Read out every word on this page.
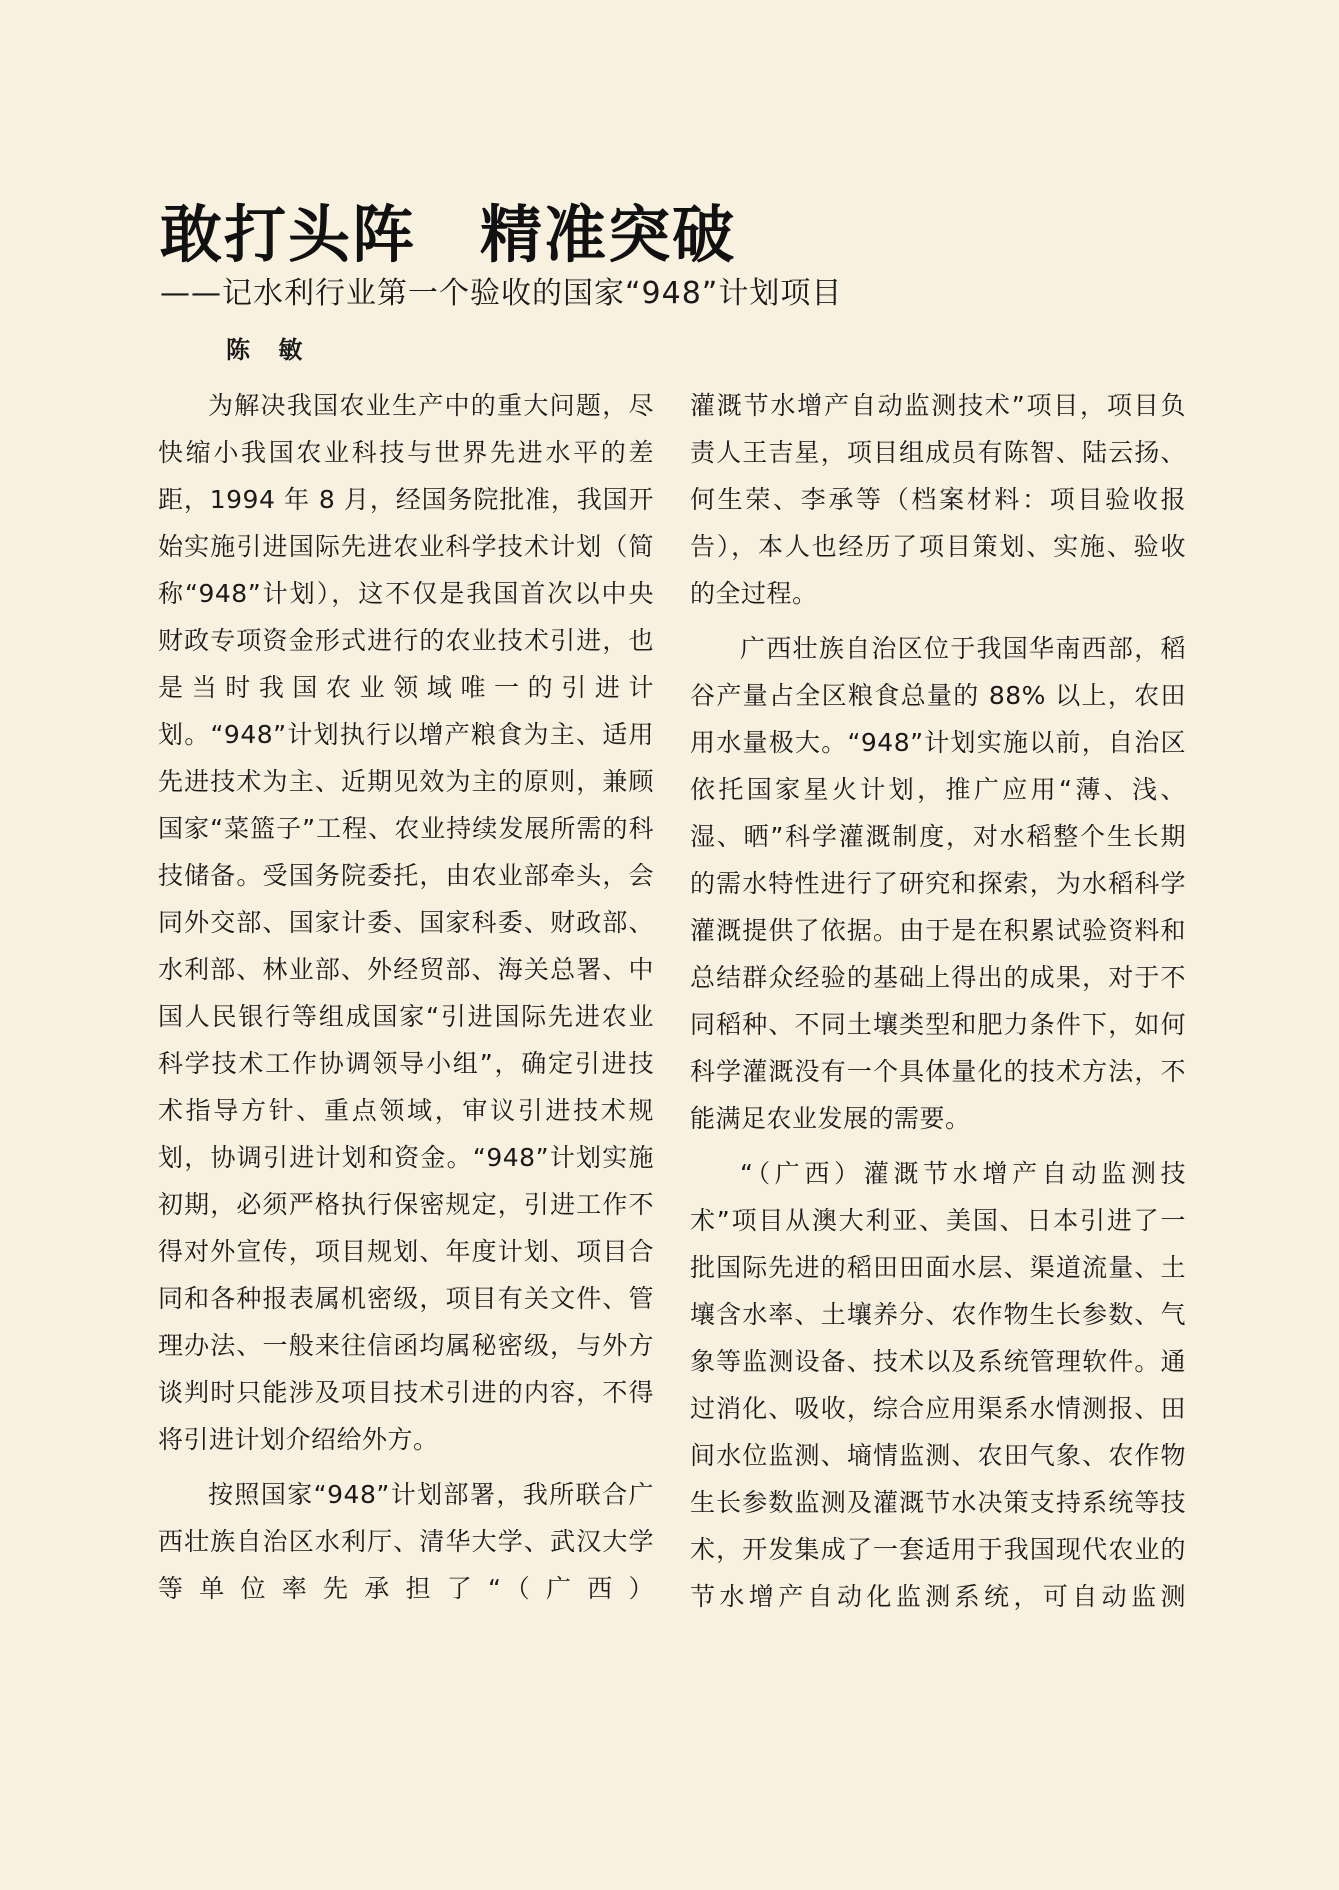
敢打头阵　精准突破
——记水利行业第一个验收的国家“948”计划项目
陈 敏

为解决我国农业生产中的重大问题，尽快缩小我国农业科技与世界先进水平的差距，1994 年 8 月，经国务院批准，我国开始实施引进国际先进农业科学技术计划（简称“948”计划），这不仅是我国首次以中央财政专项资金形式进行的农业技术引进，也是当时我国农业领域唯一的引进计划。“948”计划执行以增产粮食为主、适用先进技术为主、近期见效为主的原则，兼顾国家“菜篮子”工程、农业持续发展所需的科技储备。受国务院委托，由农业部牵头，会同外交部、国家计委、国家科委、财政部、水利部、林业部、外经贸部、海关总署、中国人民银行等组成国家“引进国际先进农业科学技术工作协调领导小组”，确定引进技术指导方针、重点领域，审议引进技术规划，协调引进计划和资金。“948”计划实施初期，必须严格执行保密规定，引进工作不得对外宣传，项目规划、年度计划、项目合同和各种报表属机密级，项目有关文件、管理办法、一般来往信函均属秘密级，与外方谈判时只能涉及项目技术引进的内容，不得将引进计划介绍给外方。

按照国家“948”计划部署，我所联合广西壮族自治区水利厅、清华大学、武汉大学等单位率先承担了“（广西）

灌溉节水增产自动监测技术”项目，项目负责人王吉星，项目组成员有陈智、陆云扬、何生荣、李承等（档案材料：项目验收报告），本人也经历了项目策划、实施、验收的全过程。

广西壮族自治区位于我国华南西部，稻谷产量占全区粮食总量的 88% 以上，农田用水量极大。“948”计划实施以前，自治区依托国家星火计划，推广应用“薄、浅、湿、晒”科学灌溉制度，对水稻整个生长期的需水特性进行了研究和探索，为水稻科学灌溉提供了依据。由于是在积累试验资料和总结群众经验的基础上得出的成果，对于不同稻种、不同土壤类型和肥力条件下，如何科学灌溉没有一个具体量化的技术方法，不能满足农业发展的需要。

“（广西）灌溉节水增产自动监测技术”项目从澳大利亚、美国、日本引进了一批国际先进的稻田田面水层、渠道流量、土壤含水率、土壤养分、农作物生长参数、气象等监测设备、技术以及系统管理软件。通过消化、吸收，综合应用渠系水情测报、田间水位监测、墒情监测、农田气象、农作物生长参数监测及灌溉节水决策支持系统等技术，开发集成了一套适用于我国现代农业的节水增产自动化监测系统，可自动监测
